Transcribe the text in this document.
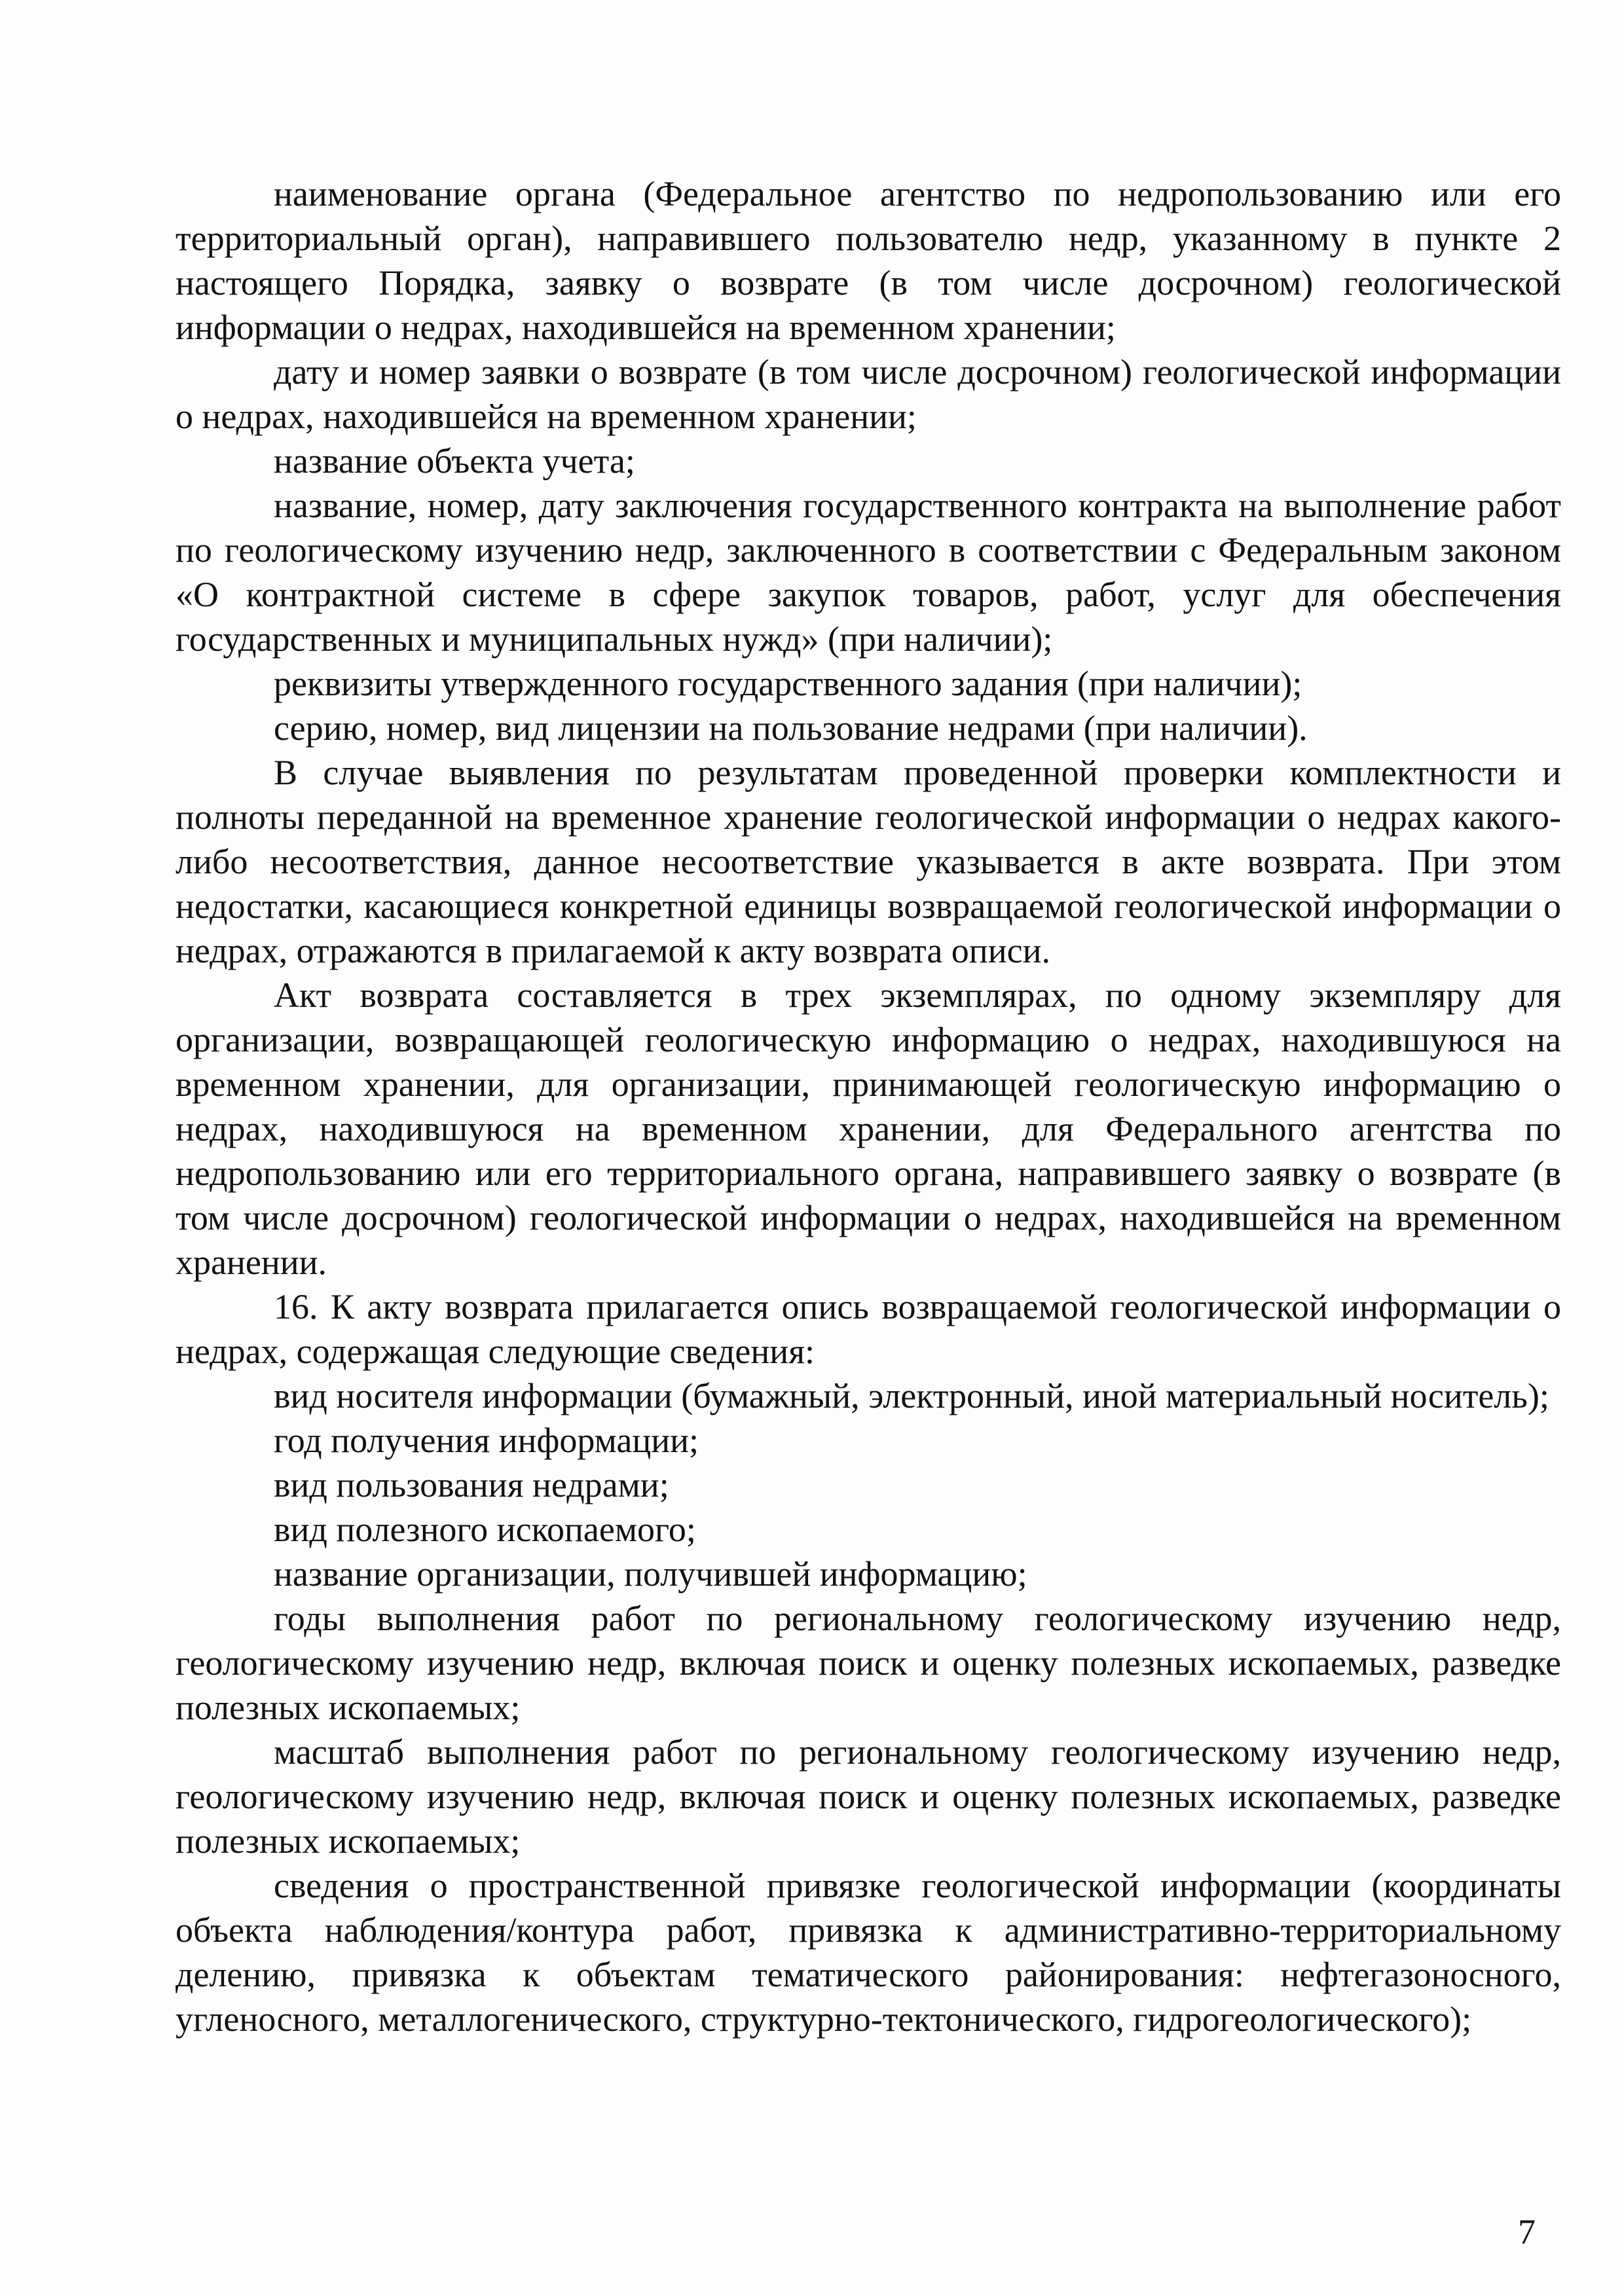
наименование органа (Федеральное агентство по недропользованию или его территориальный орган), направившего пользователю недр, указанному в пункте 2 настоящего Порядка, заявку о возврате (в том числе досрочном) геологической информации о недрах, находившейся на временном хранении;

дату и номер заявки о возврате (в том числе досрочном) геологической информации о недрах, находившейся на временном хранении;

название объекта учета;

название, номер, дату заключения государственного контракта на выполнение работ по геологическому изучению недр, заключенного в соответствии с Федеральным законом «О контрактной системе в сфере закупок товаров, работ, услуг для обеспечения государственных и муниципальных нужд» (при наличии);

реквизиты утвержденного государственного задания (при наличии);

серию, номер, вид лицензии на пользование недрами (при наличии).

В случае выявления по результатам проведенной проверки комплектности и полноты переданной на временное хранение геологической информации о недрах какого-либо несоответствия, данное несоответствие указывается в акте возврата. При этом недостатки, касающиеся конкретной единицы возвращаемой геологической информации о недрах, отражаются в прилагаемой к акту возврата описи.

Акт возврата составляется в трех экземплярах, по одному экземпляру для организации, возвращающей геологическую информацию о недрах, находившуюся на временном хранении, для организации, принимающей геологическую информацию о недрах, находившуюся на временном хранении, для Федерального агентства по недропользованию или его территориального органа, направившего заявку о возврате (в том числе досрочном) геологической информации о недрах, находившейся на временном хранении.

16. К акту возврата прилагается опись возвращаемой геологической информации о недрах, содержащая следующие сведения:

вид носителя информации (бумажный, электронный, иной материальный носитель);

год получения информации;

вид пользования недрами;

вид полезного ископаемого;

название организации, получившей информацию;

годы выполнения работ по региональному геологическому изучению недр, геологическому изучению недр, включая поиск и оценку полезных ископаемых, разведке полезных ископаемых;

масштаб выполнения работ по региональному геологическому изучению недр, геологическому изучению недр, включая поиск и оценку полезных ископаемых, разведке полезных ископаемых;

сведения о пространственной привязке геологической информации (координаты объекта наблюдения/контура работ, привязка к административно-территориальному делению, привязка к объектам тематического районирования: нефтегазоносного, угленосного, металлогенического, структурно-тектонического, гидрогеологического);

7
